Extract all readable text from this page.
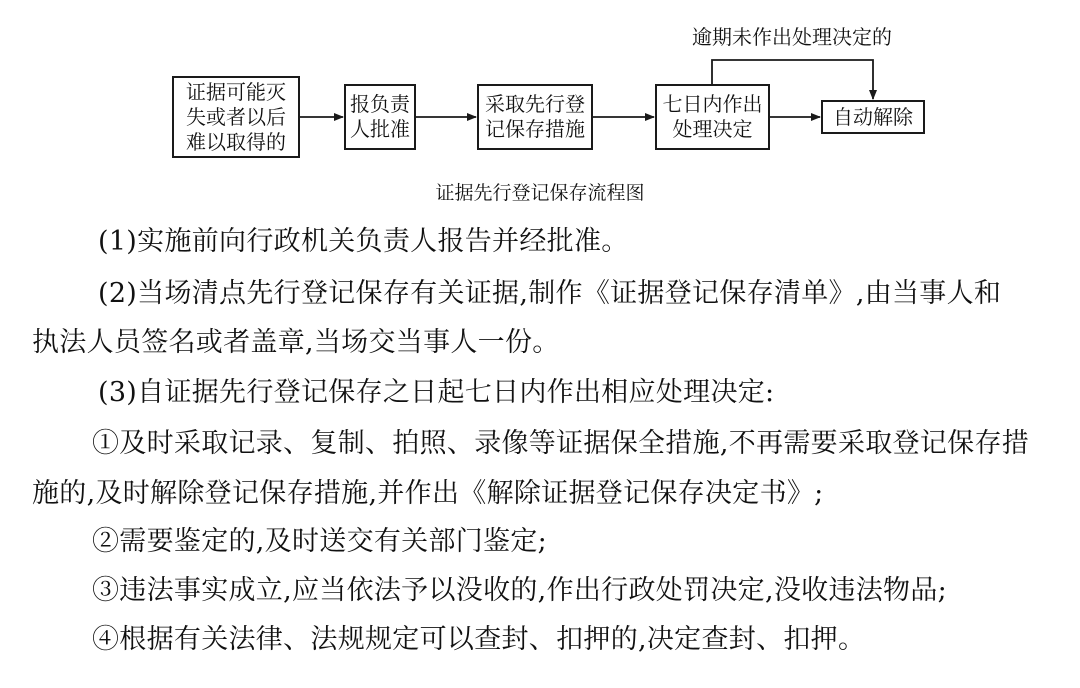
逾期未作出处理决定的
证据可能灭
失或者以后
难以取得的
报负责
人批准
采取先行登
记保存措施
七日内作出
处理决定
自动解除
证据先行登记保存流程图
(1)实施前向行政机关负责人报告并经批准。
(2)当场清点先行登记保存有关证据,制作《证据登记保存清单》,由当事人和
执法人员签名或者盖章,当场交当事人一份。
(3)自证据先行登记保存之日起七日内作出相应处理决定:
①及时采取记录、复制、拍照、录像等证据保全措施,不再需要采取登记保存措
施的,及时解除登记保存措施,并作出《解除证据登记保存决定书》;
②需要鉴定的,及时送交有关部门鉴定;
③违法事实成立,应当依法予以没收的,作出行政处罚决定,没收违法物品;
④根据有关法律、法规规定可以查封、扣押的,决定查封、扣押。
